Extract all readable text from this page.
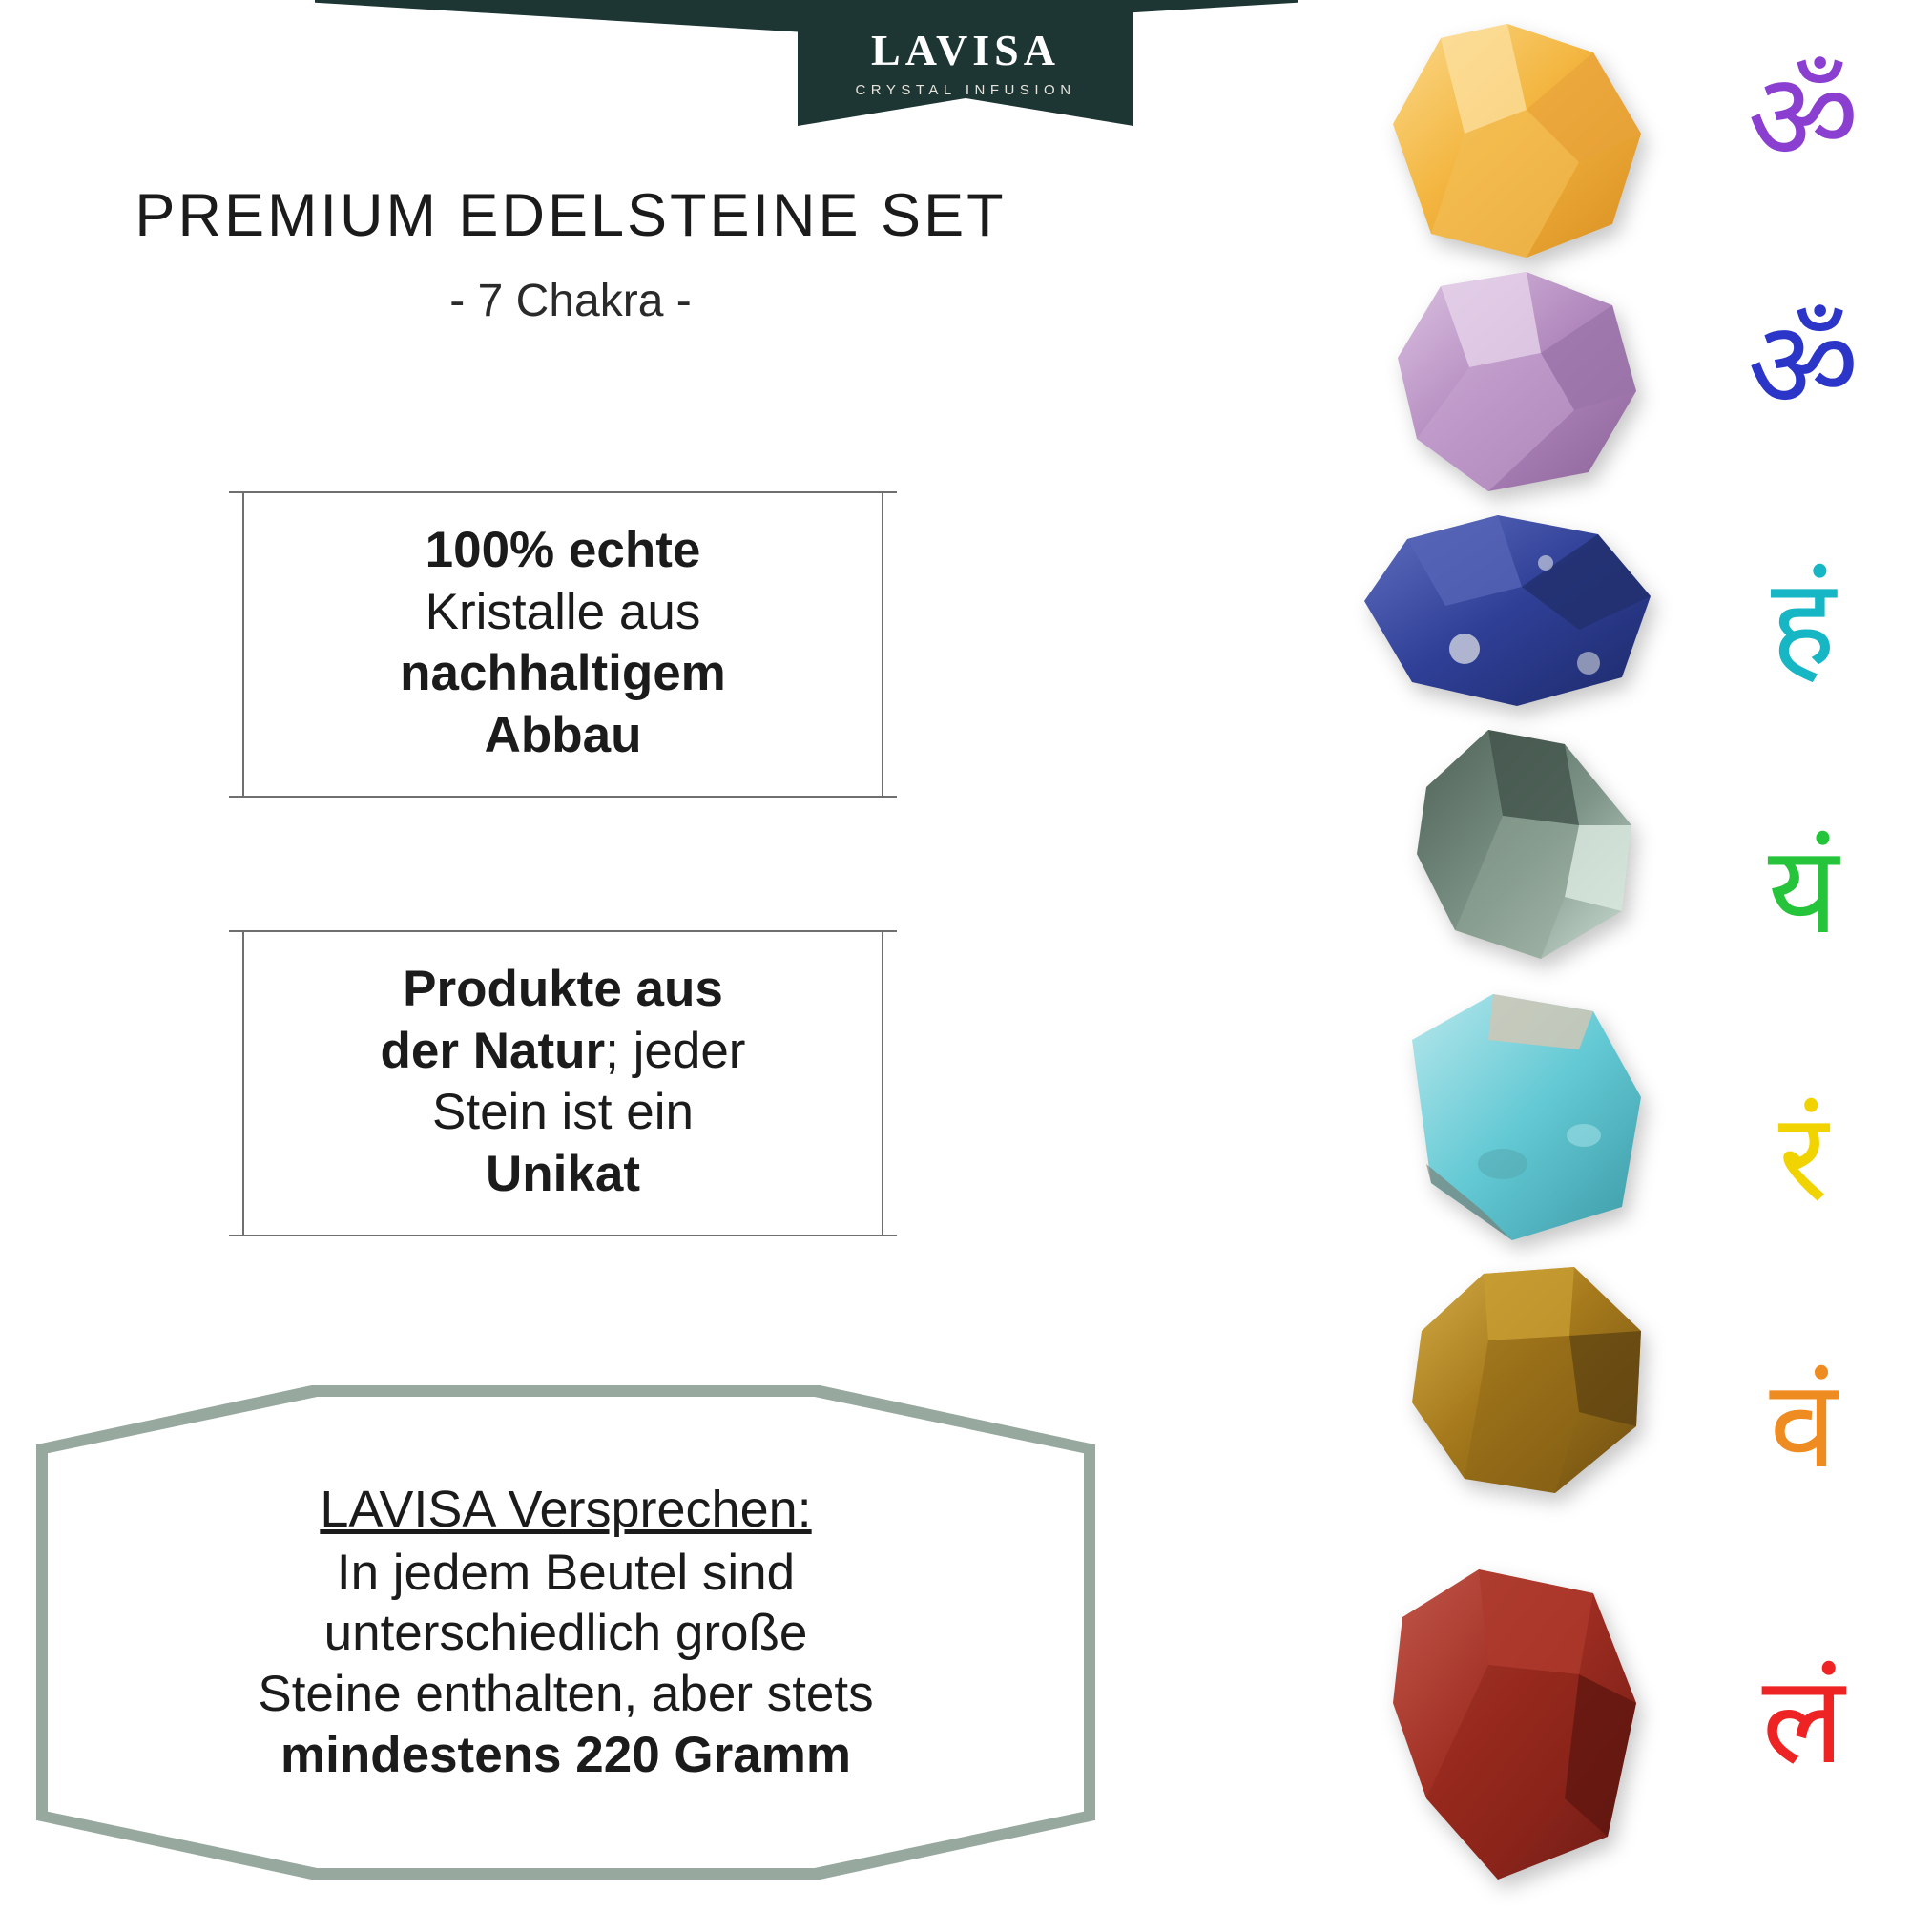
LAVISA
CRYSTAL INFUSION
PREMIUM EDELSTEINE SET
- 7 Chakra -

100% echte
Kristalle aus
nachhaltigem
Abbau

Produkte aus
der Natur; jeder
Stein ist ein
Unikat

LAVISA Versprechen:
In jedem Beutel sind
unterschiedlich große
Steine enthalten, aber stets
mindestens 220 Gramm
ॐ
ॐ
हं
यं
रं
वं
लं
